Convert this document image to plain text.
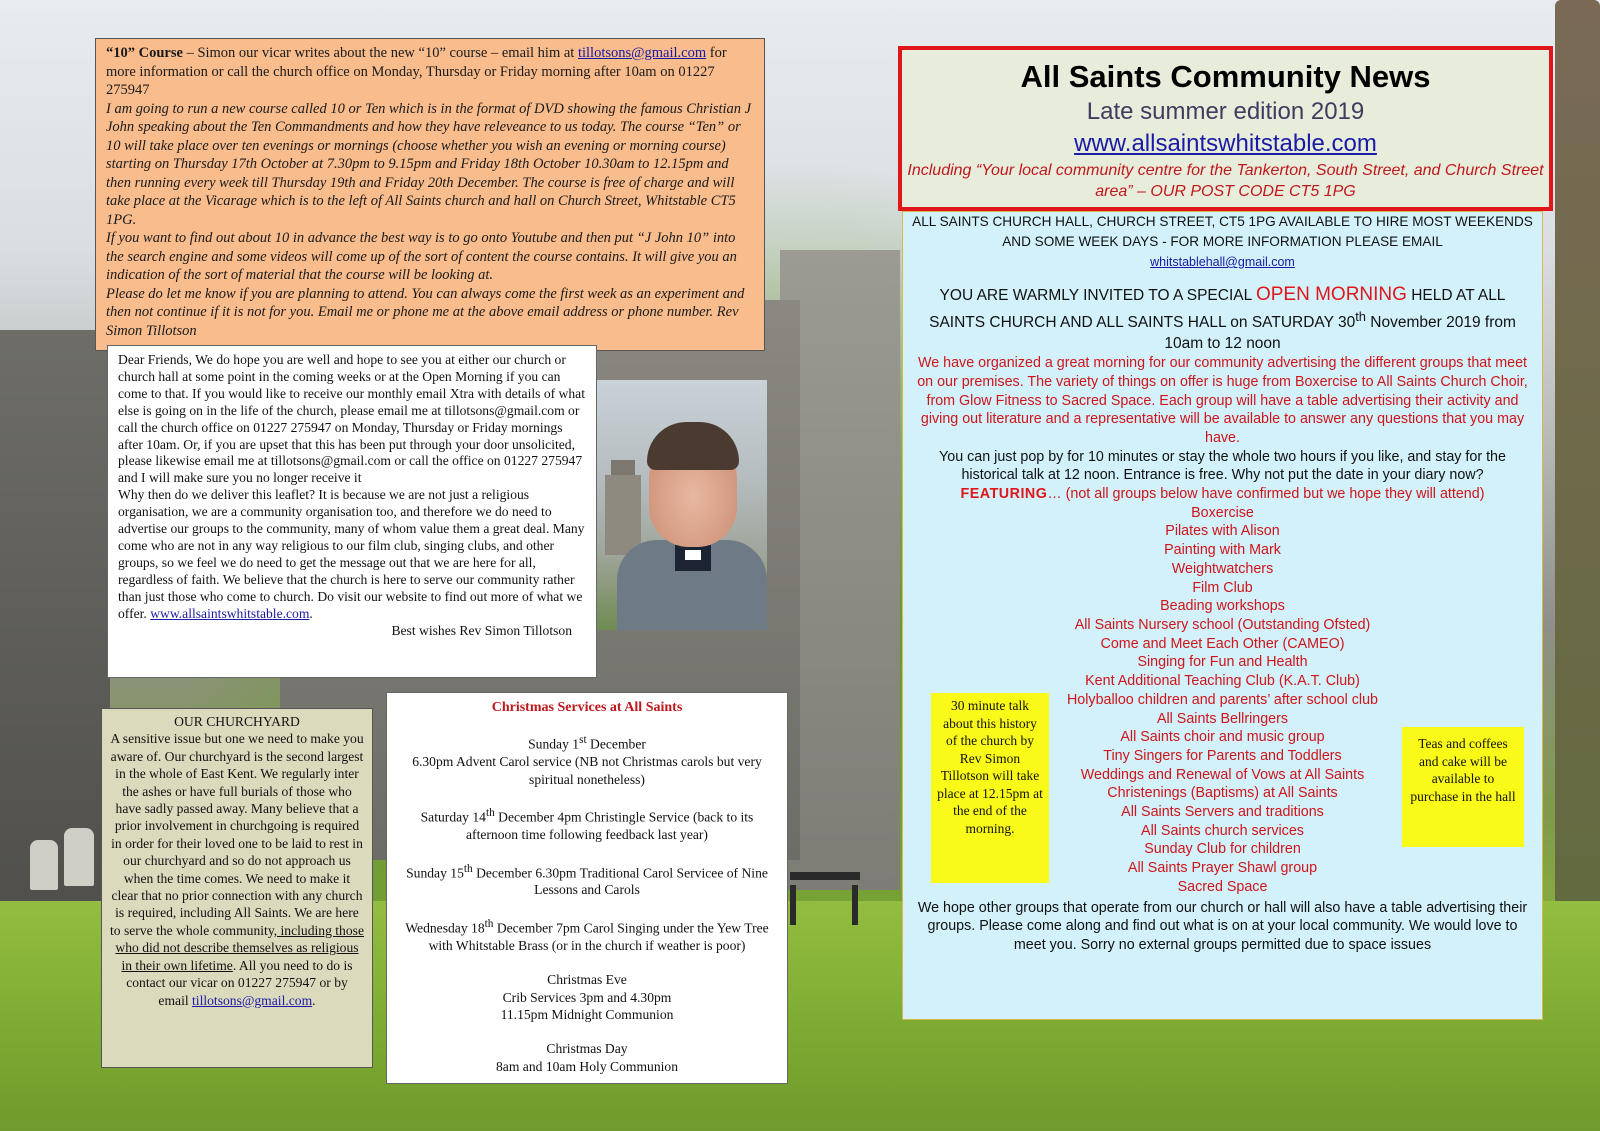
“10” Course – Simon our vicar writes about the new “10” course – email him at tillotsons@gmail.com for more information or call the church office on Monday, Thursday or Friday morning after 10am on 01227 275947
I am going to run a new course called 10 or Ten which is in the format of DVD showing the famous Christian J John speaking about the Ten Commandments and how they have releveance to us today. The course “Ten” or 10 will take place over ten evenings or mornings (choose whether you wish an evening or morning course) starting on Thursday 17th October at 7.30pm to 9.15pm and Friday 18th October 10.30am to 12.15pm and then running every week till Thursday 19th and Friday 20th December. The course is free of charge and will take place at the Vicarage which is to the left of All Saints church and hall on Church Street, Whitstable CT5 1PG.
If you want to find out about 10 in advance the best way is to go onto Youtube and then put “J John 10” into the search engine and some videos will come up of the sort of content the course contains. It will give you an indication of the sort of material that the course will be looking at.
Please do let me know if you are planning to attend. You can always come the first week as an experiment and then not continue if it is not for you. Email me or phone me at the above email address or phone number. Rev Simon Tillotson
Dear Friends, We do hope you are well and hope to see you at either our church or church hall at some point in the coming weeks or at the Open Morning if you can come to that. If you would like to receive our monthly email Xtra with details of what else is going on in the life of the church, please email me at tillotsons@gmail.com or call the church office on 01227 275947 on Monday, Thursday or Friday mornings after 10am. Or, if you are upset that this has been put through your door unsolicited, please likewise email me at tillotsons@gmail.com or call the office on 01227 275947 and I will make sure you no longer receive it
Why then do we deliver this leaflet? It is because we are not just a religious organisation, we are a community organisation too, and therefore we do need to advertise our groups to the community, many of whom value them a great deal. Many come who are not in any way religious to our film club, singing clubs, and other groups, so we feel we do need to get the message out that we are here for all, regardless of faith. We believe that the church is here to serve our community rather than just those who come to church. Do visit our website to find out more of what we offer. www.allsaintswhitstable.com.
Best wishes Rev Simon Tillotson
OUR CHURCHYARD
A sensitive issue but one we need to make you aware of. Our churchyard is the second largest in the whole of East Kent. We regularly inter the ashes or have full burials of those who have sadly passed away. Many believe that a prior involvement in churchgoing is required in order for their loved one to be laid to rest in our churchyard and so do not approach us when the time comes. We need to make it clear that no prior connection with any church is required, including All Saints. We are here to serve the whole community, including those who did not describe themselves as religious in their own lifetime. All you need to do is contact our vicar on 01227 275947 or by email tillotsons@gmail.com.
Christmas Services at All Saints
Sunday 1st December
6.30pm Advent Carol service (NB not Christmas carols but very spiritual nonetheless)
Saturday 14th December 4pm Christingle Service (back to its afternoon time following feedback last year)
Sunday 15th December 6.30pm Traditional Carol Servicee of Nine Lessons and Carols
Wednesday 18th December 7pm Carol Singing under the Yew Tree with Whitstable Brass (or in the church if weather is poor)
Christmas Eve
Crib Services 3pm and 4.30pm
11.15pm Midnight Communion
Christmas Day
8am and 10am Holy Communion
All Saints Community News
Late summer edition 2019
www.allsaintswhitstable.com
Including “Your local community centre for the Tankerton, South Street, and Church Street area” – OUR POST CODE CT5 1PG
ALL SAINTS CHURCH HALL, CHURCH STREET, CT5 1PG AVAILABLE TO HIRE MOST WEEKENDS AND SOME WEEK DAYS - FOR MORE INFORMATION PLEASE EMAIL
whitstablehall@gmail.com
YOU ARE WARMLY INVITED TO A SPECIAL OPEN MORNING HELD AT ALL SAINTS CHURCH AND ALL SAINTS HALL on SATURDAY 30th November 2019 from 10am to 12 noon
We have organized a great morning for our community advertising the different groups that meet on our premises. The variety of things on offer is huge from Boxercise to All Saints Church Choir, from Glow Fitness to Sacred Space. Each group will have a table advertising their activity and giving out literature and a representative will be available to answer any questions that you may have.
You can just pop by for 10 minutes or stay the whole two hours if you like, and stay for the historical talk at 12 noon. Entrance is free. Why not put the date in your diary now?
FEATURING… (not all groups below have confirmed but we hope they will attend)
Boxercise
Pilates with Alison
Painting with Mark
Weightwatchers
Film Club
Beading workshops
All Saints Nursery school (Outstanding Ofsted)
Come and Meet Each Other (CAMEO)
Singing for Fun and Health
Kent Additional Teaching Club (K.A.T. Club)
Holyballoo children and parents’ after school club
All Saints Bellringers
All Saints choir and music group
Tiny Singers for Parents and Toddlers
Weddings and Renewal of Vows at All Saints
Christenings (Baptisms) at All Saints
All Saints Servers and traditions
All Saints church services
Sunday Club for children
All Saints Prayer Shawl group
Sacred Space
We hope other groups that operate from our church or hall will also have a table advertising their groups. Please come along and find out what is on at your local community. We would love to meet you. Sorry no external groups permitted due to space issues
30 minute talk about this history of the church by Rev Simon Tillotson will take place at 12.15pm at the end of the morning.
Teas and coffees and cake will be available to purchase in the hall
